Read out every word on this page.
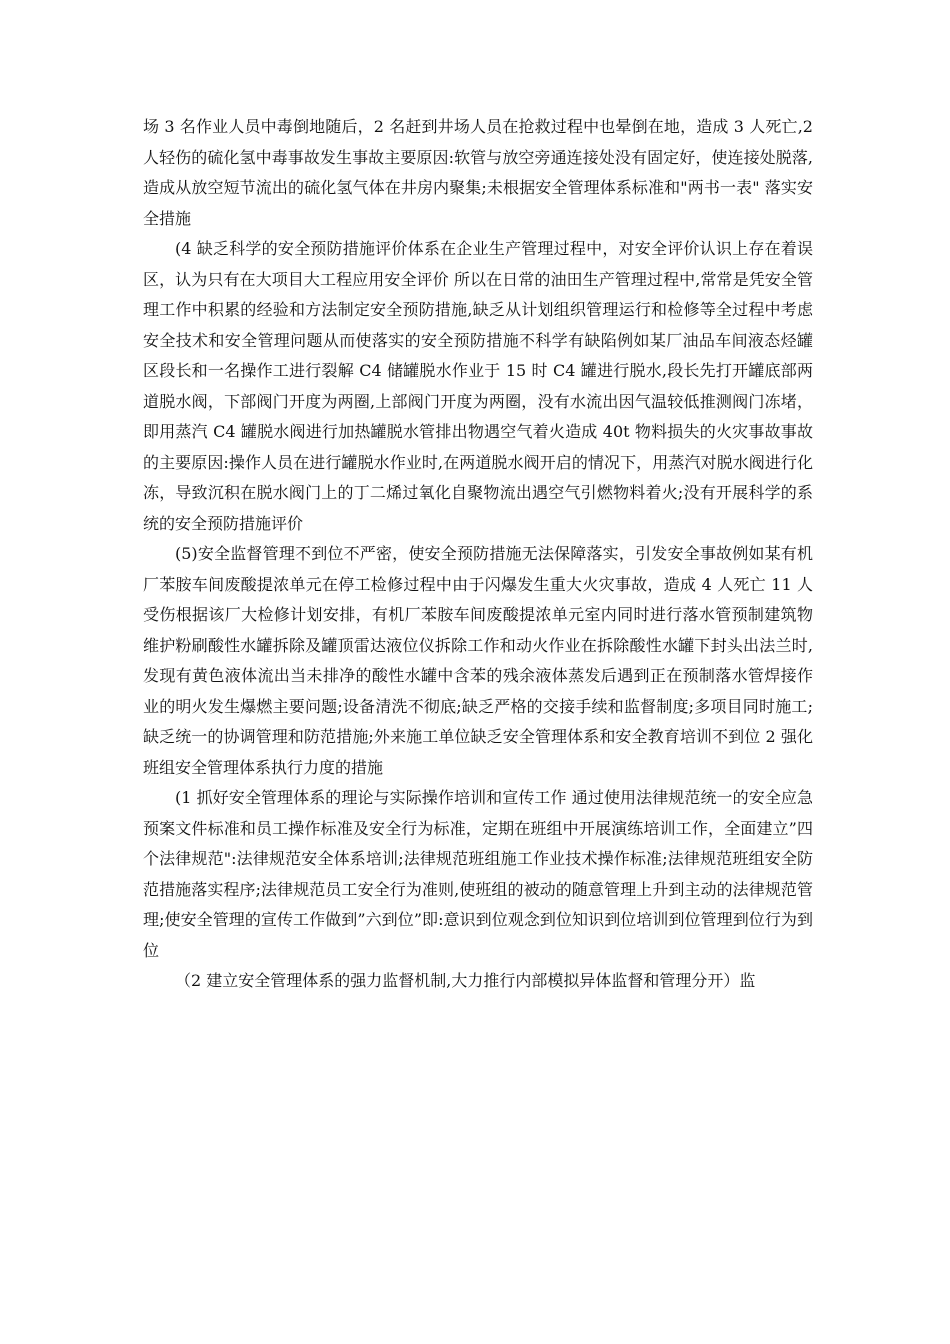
场 3 名作业人员中毒倒地随后，2 名赶到井场人员在抢救过程中也晕倒在地，造成 3 人死亡,2 人轻伤的硫化氢中毒事故发生事故主要原因:软管与放空旁通连接处没有固定好，使连接处脱落,造成从放空短节流出的硫化氢气体在井房内聚集;未根据安全管理体系标准和"两书一表" 落实安全措施

(4 缺乏科学的安全预防措施评价体系在企业生产管理过程中，对安全评价认识上存在着误区，认为只有在大项目大工程应用安全评价 所以在日常的油田生产管理过程中,常常是凭安全管理工作中积累的经验和方法制定安全预防措施,缺乏从计划组织管理运行和检修等全过程中考虑安全技术和安全管理问题从而使落实的安全预防措施不科学有缺陷例如某厂油品车间液态烃罐区段长和一名操作工进行裂解 C4 储罐脱水作业于 15 时 C4 罐进行脱水,段长先打开罐底部两道脱水阀，下部阀门开度为两圈,上部阀门开度为两圈，没有水流出因气温较低推测阀门冻堵，即用蒸汽 C4 罐脱水阀进行加热罐脱水管排出物遇空气着火造成 40t 物料损失的火灾事故事故的主要原因:操作人员在进行罐脱水作业时,在两道脱水阀开启的情况下，用蒸汽对脱水阀进行化冻，导致沉积在脱水阀门上的丁二烯过氧化自聚物流出遇空气引燃物料着火;没有开展科学的系统的安全预防措施评价

(5)安全监督管理不到位不严密，使安全预防措施无法保障落实，引发安全事故例如某有机厂苯胺车间废酸提浓单元在停工检修过程中由于闪爆发生重大火灾事故，造成 4 人死亡 11 人受伤根据该厂大检修计划安排，有机厂苯胺车间废酸提浓单元室内同时进行落水管预制建筑物维护粉刷酸性水罐拆除及罐顶雷达液位仪拆除工作和动火作业在拆除酸性水罐下封头出法兰时,发现有黄色液体流出当未排净的酸性水罐中含苯的残余液体蒸发后遇到正在预制落水管焊接作业的明火发生爆燃主要问题;设备清洗不彻底;缺乏严格的交接手续和监督制度;多项目同时施工;缺乏统一的协调管理和防范措施;外来施工单位缺乏安全管理体系和安全教育培训不到位 2 强化班组安全管理体系执行力度的措施

(1 抓好安全管理体系的理论与实际操作培训和宣传工作 通过使用法律规范统一的安全应急预案文件标准和员工操作标准及安全行为标准，定期在班组中开展演练培训工作，全面建立”四个法律规范":法律规范安全体系培训;法律规范班组施工作业技术操作标准;法律规范班组安全防范措施落实程序;法律规范员工安全行为准则,使班组的被动的随意管理上升到主动的法律规范管理;使安全管理的宣传工作做到”六到位”即:意识到位观念到位知识到位培训到位管理到位行为到位

（2 建立安全管理体系的强力监督机制,大力推行内部模拟异体监督和管理分开）监
